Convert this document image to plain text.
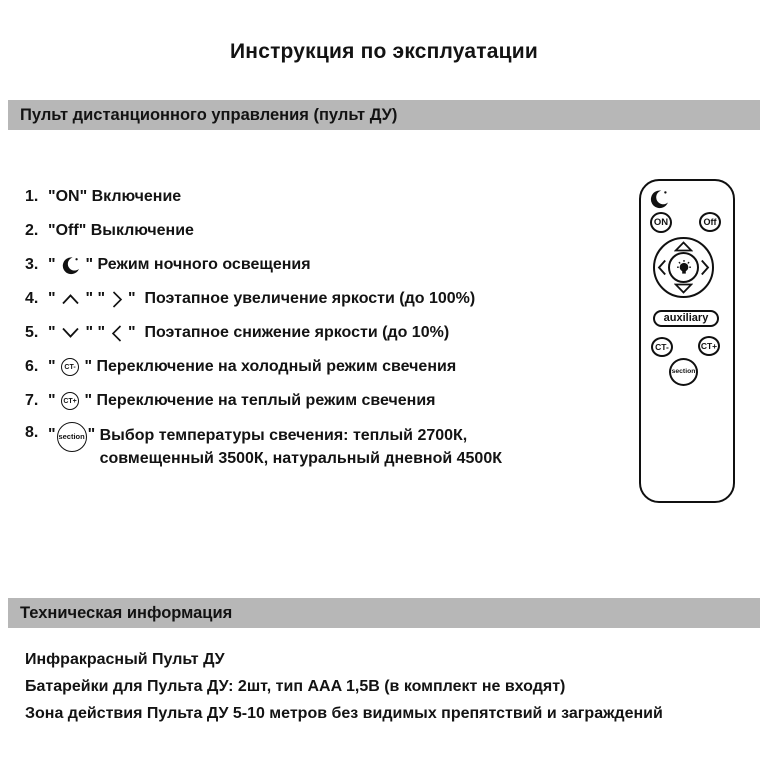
Инструкция по эксплуатации
Пульт дистанционного управления (пульт ДУ)
1. "ON" Включение
2. "Off" Выключение
3. " " Режим ночного освещения
4. " " " "  Поэтапное увеличение яркости (до 100%)
5. " " " "  Поэтапное снижение яркости (до 10%)
6. " CT- " Переключение на холодный режим свечения
7. " CT+ " Переключение на теплый режим свечения
8. " section " Выбор температуры свечения: теплый 2700К, совмещенный 3500К, натуральный дневной 4500К
ON	Off
auxiliary
CT-	CT+
section
Техническая информация

Инфракрасный Пульт ДУ

Батарейки для Пульта ДУ: 2шт, тип AAA 1,5В (в комплект не входят)

Зона действия Пульта ДУ 5-10 метров без видимых препятствий и заграждений
